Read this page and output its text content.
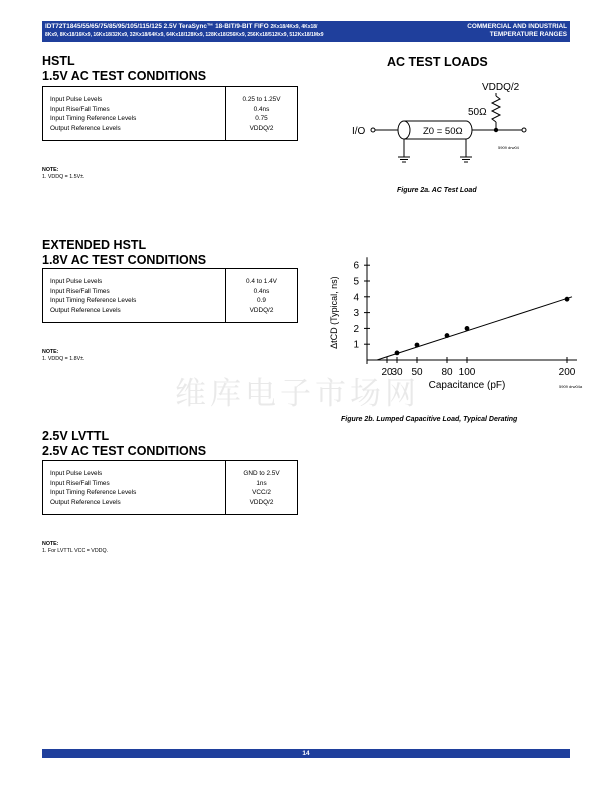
IDT72T1845/55/65/75/85/95/105/115/125 2.5V TeraSync™ 18-BIT/9-BIT FIFO 2Kx18/4Kx9, 4Kx18/
8Kx9, 8Kx18/16Kx9, 16Kx18/32Kx9, 32Kx18/64Kx9, 64Kx18/128Kx9, 128Kx18/256Kx9, 256Kx18/512Kx9, 512Kx18/1Mx9
COMMERCIAL AND INDUSTRIAL
TEMPERATURE RANGES
HSTL
1.5V AC TEST CONDITIONS
Input Pulse Levels	0.25 to 1.25V
Input Rise/Fall Times	0.4ns
Input Timing Reference Levels	0.75
Output Reference Levels	VDDQ/2
NOTE:
1. VDDQ = 1.5V±.
EXTENDED HSTL
1.8V AC TEST CONDITIONS
Input Pulse Levels	0.4 to 1.4V
Input Rise/Fall Times	0.4ns
Input Timing Reference Levels	0.9
Output Reference Levels	VDDQ/2
NOTE:
1. VDDQ = 1.8V±.
2.5V LVTTL
2.5V AC TEST CONDITIONS
Input Pulse Levels	GND to 2.5V
Input Rise/Fall Times	1ns
Input Timing Reference Levels	VCC/2
Output Reference Levels	VDDQ/2
NOTE:
1. For LVTTL VCC = VDDQ.
AC TEST LOADS
VDDQ/2
50Ω
I/O	Z0 = 50Ω
5909 drw04
Figure 2a. AC Test Load
1
2
3
4
5
6
20
30 50 80 100	200
Capacitance (pF)
ΔtCD (Typical, ns)
5909 drw04a
Figure 2b. Lumped Capacitive Load, Typical Derating
维库电子市场网
14
